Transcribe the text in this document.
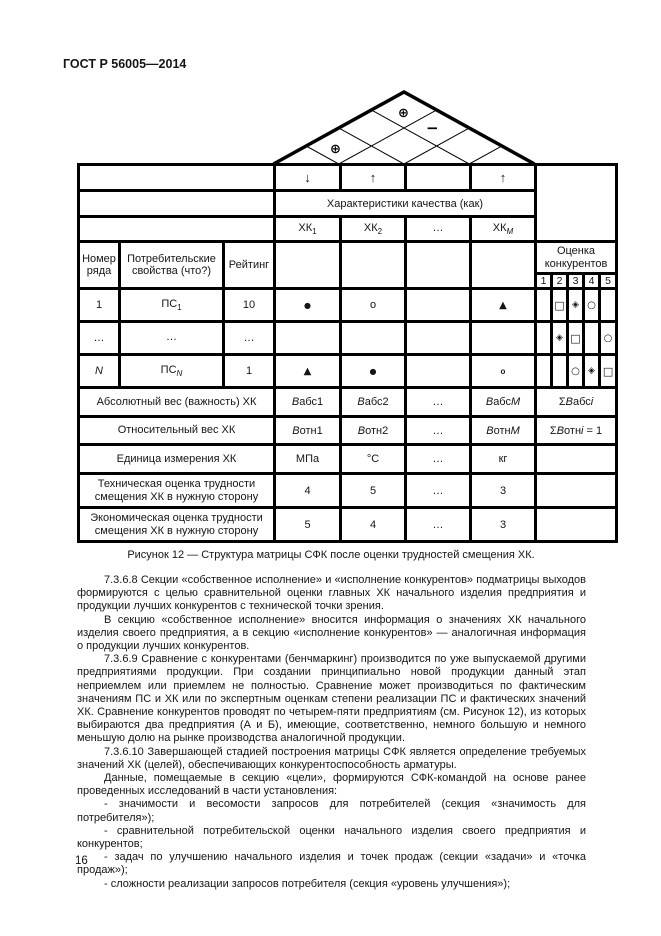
ГОСТ Р 56005—2014
⊕
−
⊕
			↓	↑		↑					
			Характеристики качества (как)								
			$ХК_1$	$ХК_2$	…	$ХК_М$
Номер ряда	Потребительские свойства (что?)	Рейтинг					Оценка конкурентов				
							1	2	3	4	5
1	$ПС_1$	10	●	о		▲		□	◈	○	
…	…	…						◈	□		○
N	$ПС_N$	1	▲	●		о			○	◈	□
Абсолютный вес (важность) ХК			Вабс1	Вабс2	…	ВабсМ	ΣВабсi				
Относительный вес ХК			Вотн1	Вотн2	…	ВотнМ	ΣВотнi = 1				
Единица измерения ХК			МПа	°С	…	кг					
Техническая оценка трудности смещения ХК в нужную сторону			4	5	…	3					
Экономическая оценка трудности смещения ХК в нужную сторону			5	4	…	3					
Рисунок 12 — Структура матрицы СФК после оценки трудностей смещения ХК.

7.3.6.8 Секции «собственное исполнение» и «исполнение конкурентов» подматрицы выходов формируются с целью сравнительной оценки главных ХК начального изделия предприятия и продукции лучших конкурентов с технической точки зрения.

В секцию «собственное исполнение» вносится информация о значениях ХК начального изделия своего предприятия, а в секцию «исполнение конкурентов» — аналогичная информация о продукции лучших конкурентов.

7.3.6.9 Сравнение с конкурентами (бенчмаркинг) производится по уже выпускаемой другими предприятиями продукции. При создании принципиально новой продукции данный этап неприемлем или приемлем не полностью. Сравнение может производиться по фактическим значениям ПС и ХК или по экспертным оценкам степени реализации ПС и фактических значений ХК. Сравнение конкурентов проводят по четырем-пяти предприятиям (см. Рисунок 12), из которых выбираются два предприятия (А и Б), имеющие, соответственно, немного большую и немного меньшую долю на рынке производства аналогичной продукции.

7.3.6.10 Завершающей стадией построения матрицы СФК является определение требуемых значений ХК (целей), обеспечивающих конкурентоспособность арматуры.

Данные, помещаемые в секцию «цели», формируются СФК-командой на основе ранее проведенных исследований в части установления:

- значимости и весомости запросов для потребителей (секция «значимость для потребителя»);

- сравнительной потребительской оценки начального изделия своего предприятия и конкурентов;

- задач по улучшению начального изделия и точек продаж (секции «задачи» и «точка продаж»);

- сложности реализации запросов потребителя (секция «уровень улучшения»);

16
